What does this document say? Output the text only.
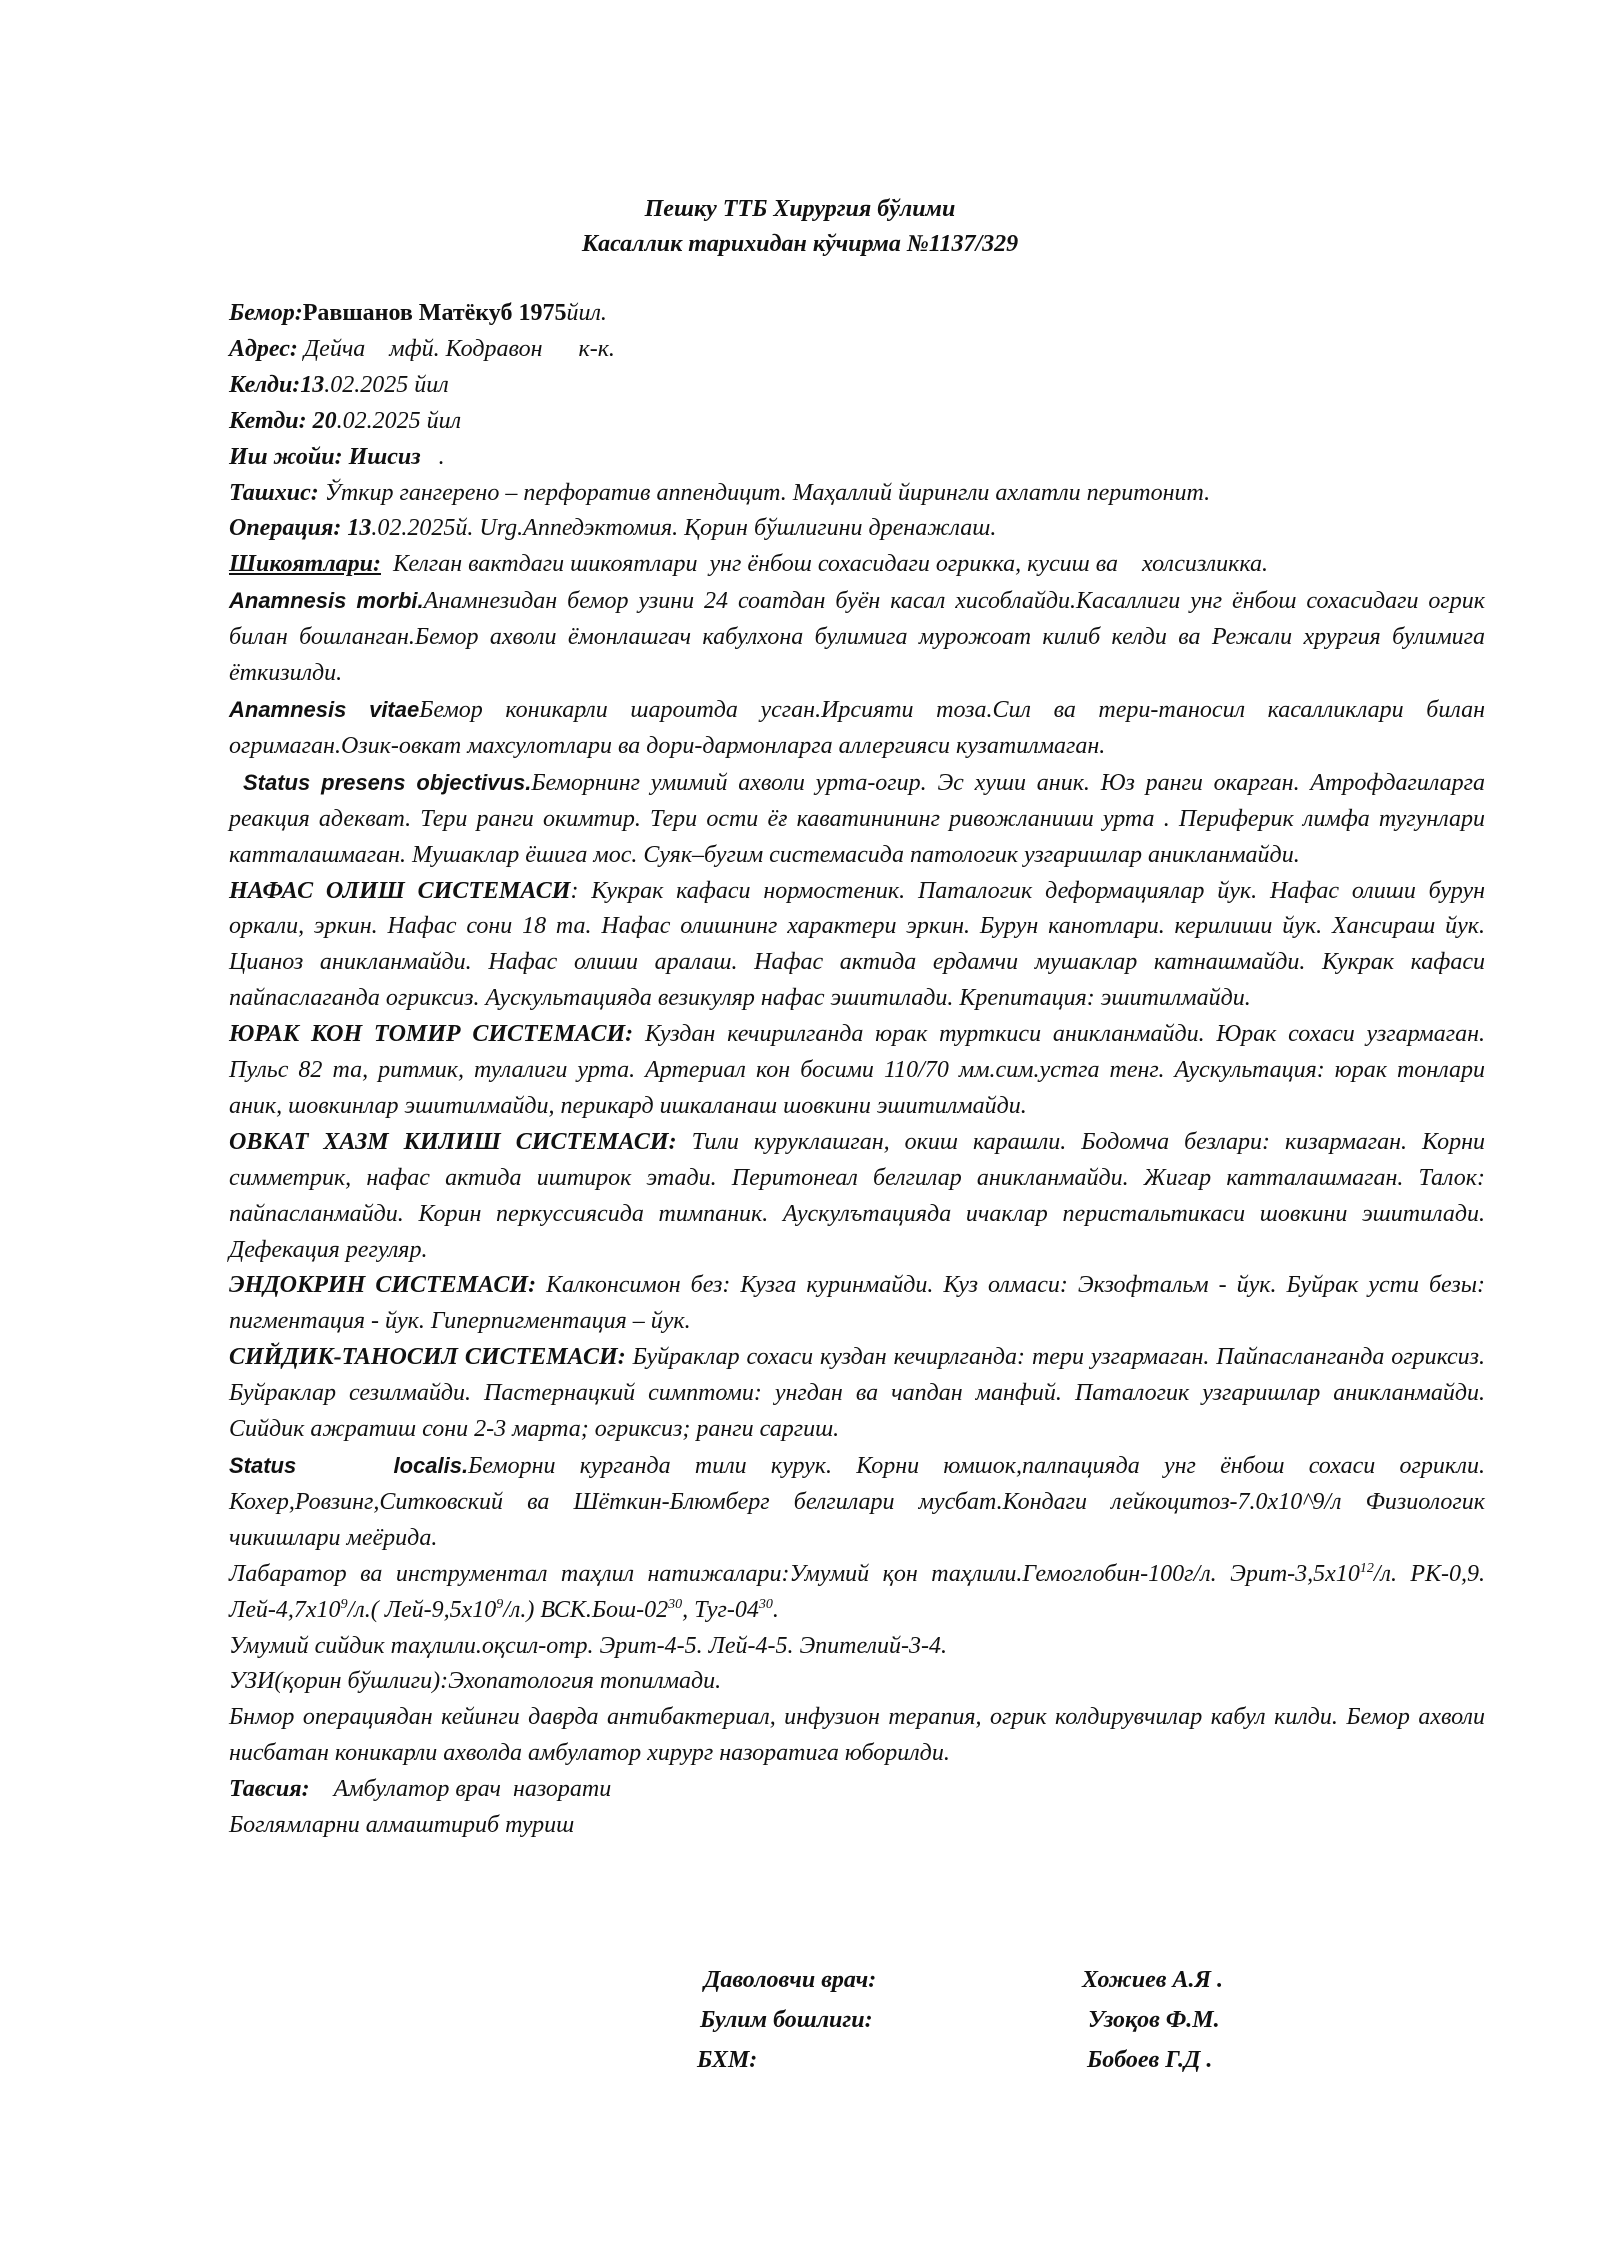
Пешку ТТБ Хирургия бўлими
Касаллик тарихидан кўчирма №1137/329

Бемор:Равшанов Матёкуб 1975йил.

Адрес: Дейча    мфй. Кодравон      к-к.

Келди:13.02.2025 йил

Кетди: 20.02.2025 йил

Иш жойи: Ишсиз   .

Ташхис: Ўткир гангерено – перфоратив аппендицит. Маҳаллий йирингли ахлатли перитонит.

Операция: 13.02.2025й. Urg.Аппедэктомия. Қорин бўшлигини дренажлаш.

Шикоятлари:  Келган вактдаги шикоятлари  унг ёнбош сохасидаги огрикка, кусиш ва    холсизликка.

Anamnesis morbi.Анамнезидан бемор узини 24 соатдан буён касал хисоблайди.Касаллиги унг ёнбош сохасидаги огрик билан бошланган.Бемор ахволи ёмонлашгач кабулхона булимига мурожоат килиб келди ва Режали хрургия булимига ёткизилди.

Anamnesis vitaeБемор коникарли шароитда усган.Ирсияти тоза.Сил ва тери-таносил касалликлари билан огримаган.Озик-овкат махсулотлари ва дори-дармонларга аллергияси кузатилмаган.

Status presens objectivus.Беморнинг умимий ахволи урта-огир. Эс хуши аник. Юз ранги окарган. Атрофдагиларга реакция адекват. Тери ранги окимтир. Тери ости ёғ каватинининг ривожланиши урта . Периферик лимфа тугунлари катталашмаган. Мушаклар ёшига мос. Суяк–бугим системасида патологик узгаришлар аникланмайди.

НАФАС ОЛИШ СИСТЕМАСИ: Кукрак кафаси нормостеник. Паталогик деформациялар йук. Нафас олиши бурун оркали, эркин. Нафас сони 18 та. Нафас олишнинг характери эркин. Бурун канотлари. керилиши йук. Хансираш йук. Цианоз аникланмайди. Нафас олиши аралаш. Нафас актида ердамчи мушаклар катнашмайди. Кукрак кафаси пайпаслаганда огриксиз. Аускультацияда везикуляр нафас эшитилади. Крепитация: эшитилмайди.

ЮРАК КОН ТОМИР СИСТЕМАСИ: Куздан кечирилганда юрак турткиси аникланмайди. Юрак сохаси узгармаган. Пульс 82 та, ритмик, тулалиги урта. Артериал кон босими 110/70 мм.сим.устга тенг. Аускультация: юрак тонлари аник, шовкинлар эшитилмайди, перикард ишкаланаш шовкини эшитилмайди.

ОВКАТ ХАЗМ КИЛИШ СИСТЕМАСИ: Тили куруклашган, окиш карашли. Бодомча безлари: кизармаган. Корни симметрик, нафас актида иштирок этади. Перитонеал белгилар аникланмайди. Жигар катталашмаган. Талок: пайпасланмайди. Корин перкуссиясида тимпаник. Аускулътацияда ичаклар перистальтикаси шовкини эшитилади. Дефекация регуляр.

ЭНДОКРИН СИСТЕМАСИ: Калконсимон без: Кузга куринмайди. Куз олмаси: Экзофтальм - йук. Буйрак усти безы: пигментация - йук. Гиперпигментация – йук.

СИЙДИК-ТАНОСИЛ СИСТЕМАСИ: Буйраклар сохаси куздан кечирлганда: тери узгармаган. Пайпасланганда огриксиз. Буйраклар сезилмайди. Пастернацкий симптоми: унгдан ва чапдан манфий. Паталогик узгаришлар аникланмайди. Сийдик ажратиш сони 2-3 марта; огриксиз; ранги саргиш.

Status    localis.Беморни курганда тили курук. Корни юмшок,палпацияда унг ёнбош сохаси огрикли. Кохер,Ровзинг,Ситковский ва Шёткин-Блюмберг белгилари мусбат.Кондаги лейкоцитоз-7.0x10^9/л Физиологик чикишлари меёрида.

Лабаратор ва инструментал таҳлил натижалари:Умумий қон таҳлили.Гемоглобин-100г/л. Эрит-$3,5x10^{12}/л$. РК-0,9. Лей-$4,7x10^9/л$.( Лей-$9,5x10^9/л$.) $ВСК.Бош-02^{30}$, Туг-$04^{30}$.

Умумий сийдик таҳлили.оқсил-отр. Эрит-4-5. Лей-4-5. Эпителий-3-4.

УЗИ(қорин бўшлиги):Эхопатология топилмади.

Бнмор операциядан кейинги даврда антибактериал, инфузион терапия, огрик колдирувчилар кабул килди. Бемор ахволи нисбатан коникарли ахволда амбулатор хирург назоратига юборилди.

Тавсия:    Амбулатор врач  назорати

Боглямларни алмаштириб туриш

Даволовчи врач:	Хожиев А.Я .
Булим бошлиги:	Узоқов Ф.М.
БХМ:	Бобоев Г.Д .
